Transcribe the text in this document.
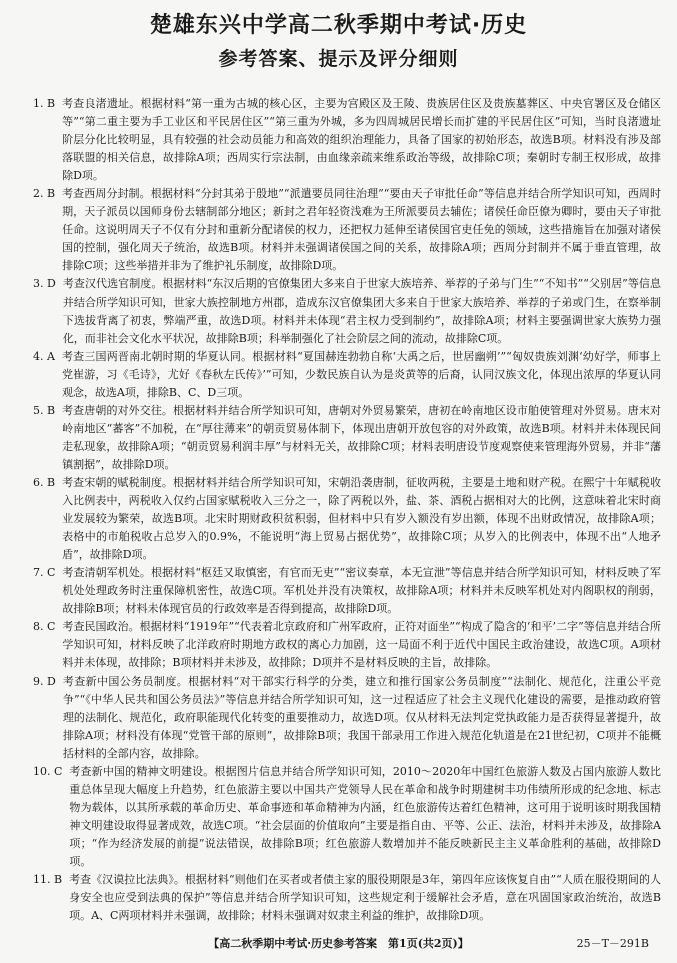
楚雄东兴中学高二秋季期中考试·历史
参考答案、提示及评分细则
1. B 考查良渚遗址。根据材料“第一重为古城的核心区，主要为宫殿区及王陵、贵族居住区及贵族墓葬区、中央官署区及仓储区等”“第二重主要为手工业区和平民居住区”“第三重为外城，多为四周城居民增长而扩建的平民居住区”可知，当时良渚遗址阶层分化比较明显，具有较强的社会动员能力和高效的组织治理能力，具备了国家的初始形态，故选B项。材料没有涉及部落联盟的相关信息，故排除A项；西周实行宗法制，由血缘亲疏来维系政治等级，故排除C项；秦朝时专制王权形成，故排除D项。
2. B 考查西周分封制。根据材料“分封其弟于殷地”“派遣要员同往治理”“要由天子审批任命”等信息并结合所学知识可知，西周时期，天子派员以国师身份去辖制部分地区；新封之君年轻资浅难为王所派要员去辅佐；诸侯任命臣僚为卿时，要由天子审批任命。这说明周天子不仅有分封和重新分配诸侯的权力，还把权力延伸至诸侯国官吏任免的领域，这些措施旨在加强对诸侯国的控制，强化周天子统治，故选B项。材料并未强调诸侯国之间的关系，故排除A项；西周分封制并不属于垂直管理，故排除C项；这些举措并非为了维护礼乐制度，故排除D项。
3. D 考查汉代选官制度。根据材料“东汉后期的官僚集团大多来自于世家大族培养、举荐的子弟与门生”“不知书”“父别居”等信息并结合所学知识可知，世家大族控制地方州郡，造成东汉官僚集团大多来自于世家大族培养、举荐的子弟或门生，在察举制下选拔背离了初衷，弊端严重，故选D项。材料并未体现“君主权力受到制约”，故排除A项；材料主要强调世家大族势力强化，而非社会文化水平状况，故排除B项；科举制强化了社会阶层之间的流动，故排除C项。
4. A 考查三国两晋南北朝时期的华夏认同。根据材料“夏国赫连勃勃自称‘大禹之后，世居幽朔’”“匈奴贵族刘渊‘幼好学，师事上党崔游，习《毛诗》，尤好《春秋左氏传》’”可知，少数民族自认为是炎黄等的后裔，认同汉族文化，体现出浓厚的华夏认同观念，故选A项，排除B、C、D三项。
5. B 考查唐朝的对外交往。根据材料并结合所学知识可知，唐朝对外贸易繁荣，唐初在岭南地区设市舶使管理对外贸易。唐末对岭南地区“蕃客”不加税，在“厚往薄来”的朝贡贸易体制下，体现出唐朝开放包容的对外政策，故选B项。材料并未体现民间走私现象，故排除A项；“朝贡贸易利润丰厚”与材料无关，故排除C项；材料表明唐设节度观察使来管理海外贸易，并非“藩镇割据”，故排除D项。
6. B 考查宋朝的赋税制度。根据材料并结合所学知识可知，宋朝沿袭唐制，征收两税，主要是土地和财产税。在熙宁十年赋税收入比例表中，两税收入仅约占国家赋税收入三分之一，除了两税以外，盐、茶、酒税占据相对大的比例，这意味着北宋时商业发展较为繁荣，故选B项。北宋时期财政积贫积弱，但材料中只有岁入额没有岁出额，体现不出财政情况，故排除A项；表格中的市舶税收占总岁入的0.9%，不能说明“海上贸易占据优势”，故排除C项；从岁入的比例表中，体现不出“人地矛盾”，故排除D项。
7. C 考查清朝军机处。根据材料“枢廷又取慎密，有官而无吏”“密议奏章，本无宣泄”等信息并结合所学知识可知，材料反映了军机处处理政务时注重保障机密性，故选C项。军机处并没有决策权，故排除A项；材料并未反映军机处对内阁职权的削弱，故排除B项；材料未体现官员的行政效率是否得到提高，故排除D项。
8. C 考查民国政治。根据材料“1919年”“代表着北京政府和广州军政府，正符对面坐”“构成了隐含的‘和平’二字”等信息并结合所学知识可知，材料反映了北洋政府时期地方政权的离心力加剧，这一局面不利于近代中国民主政治建设，故选C项。A项材料并未体现，故排除；B项材料并未涉及，故排除；D项并不是材料反映的主旨，故排除。
9. D 考查新中国公务员制度。根据材料“对干部实行科学的分类，建立和推行国家公务员制度”“法制化、规范化，注重公平竞争”“《中华人民共和国公务员法》”等信息并结合所学知识可知，这一过程适应了社会主义现代化建设的需要，是推动政府管理的法制化、规范化，政府职能现代化转变的重要推动力，故选D项。仅从材料无法判定党执政能力是否获得显著提升，故排除A项；材料没有体现“党管干部的原则”，故排除B项；我国干部录用工作进入规范化轨道是在21世纪初，C项并不能概括材料的全部内容，故排除。
10. C 考查新中国的精神文明建设。根据图片信息并结合所学知识可知，2010～2020年中国红色旅游人数及占国内旅游人数比重总体呈现大幅度上升趋势，红色旅游主要以中国共产党领导人民在革命和战争时期建树丰功伟绩所形成的纪念地、标志物为载体，以其所承载的革命历史、革命事迹和革命精神为内涵，红色旅游传达着红色精神，这可用于说明该时期我国精神文明建设取得显著成效，故选C项。“社会层面的价值取向”主要是指自由、平等、公正、法治，材料并未涉及，故排除A项；“作为经济发展的前提”说法错误，故排除B项；红色旅游人数增加并不能反映新民主主义革命胜利的基础，故排除D项。
11. B 考查《汉谟拉比法典》。根据材料“则他们在买者或者债主家的服役期限是3年，第四年应该恢复自由”“人质在服役期间的人身安全也应受到法典的保护”等信息并结合所学知识可知，这些规定利于缓解社会矛盾，意在巩固国家政治统治，故选B项。A、C两项材料并未强调，故排除；材料未强调对奴隶主利益的维护，故排除D项。
【高二秋季期中考试·历史参考答案　第1页(共2页)】	25－T－291B
